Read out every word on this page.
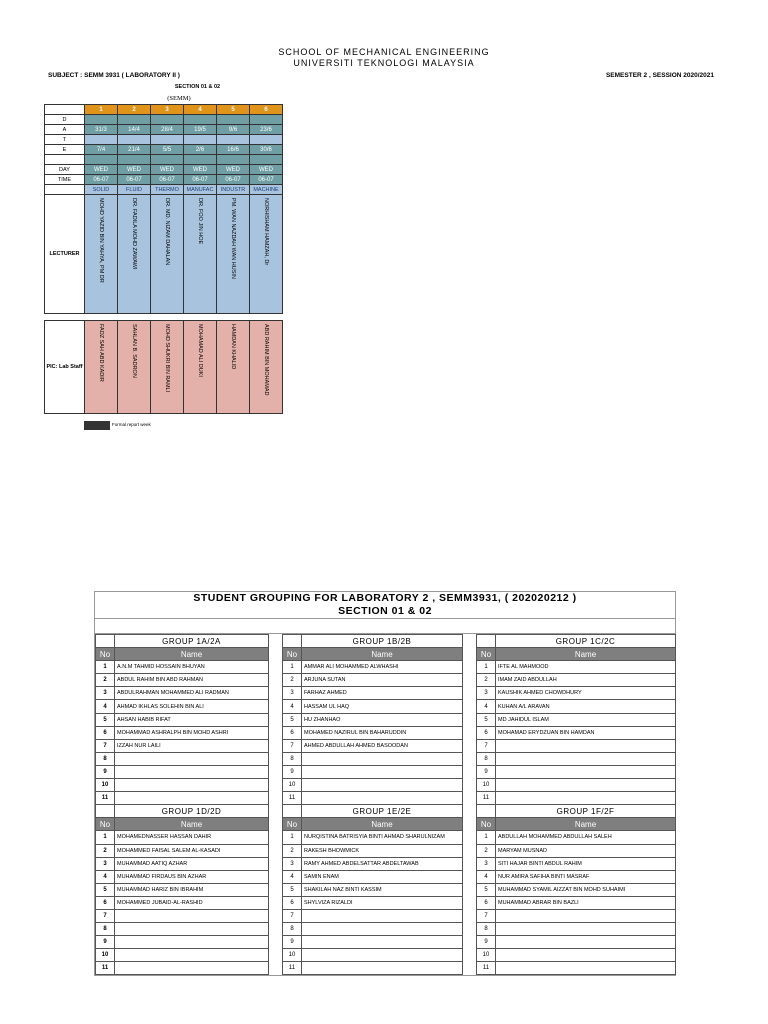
SCHOOL OF MECHANICAL ENGINEERING
UNIVERSITI TEKNOLOGI MALAYSIA
SUBJECT : SEMM 3931 ( LABORATORY II )	SEMESTER 2 , SESSION 2020/2021
SECTION 01 & 02
(SEMM)
SESI	1	2	3	4	5	6
D						
A	31/3	14/4	28/4	19/5	9/6	23/6
T						
E	7/4	21/4	5/5	2/6	16/6	30/6

DAY	WED	WED	WED	WED	WED	WED
TIME	06-07	06-07	06-07	06-07	06-07	06-07
	SOLID	FLUID	THERMO	MANUFAC	INDUSTR	MACHINE
LECTURER	MOHD YAZID BIN YAHYA, PM DR	DR. FADILA MOHD ZAWAWI	DR. MD. NIZAM DAHALAN	DR. FOO JIN HOE	PM. WAN NAZDAH WAN HUSIN	NORHISHAM HAMZAH, Dr

PIC: Lab Staff	FADZ SAH ABD KADIR	SAHLAN B. SADRON	MOHD SHUKRI BIN RAMLI	MOHAMAD ALI DUKI	HAMDAN KHALID	ABD RAHIM BIN MOHAMAD
Formal report week
STUDENT GROUPING FOR LABORATORY 2 , SEMM3931, ( 202020212 )
SECTION 01 & 02
	GROUP 1A/2A			GROUP 1B/2B			GROUP 1C/2C
No	Name		No	Name		No	Name
1	A.N.M TAHMID HOSSAIN BHUYAN		1	AMMAR ALI MOHAMMED ALWHASHI		1	IFTE AL MAHMOOD
2	ABDUL RAHIM BIN ABD RAHMAN		2	ARJUNA SUTAN		2	IMAM ZAID ABDULLAH
3	ABDULRAHMAN MOHAMMED ALI RADMAN		3	FARHAZ AHMED		3	KAUSHIK AHMED CHOWDHURY
4	AHMAD IKHLAS SOLEHIN BIN ALI		4	HASSAM UL HAQ		4	KUHAN A/L ARAVAN
5	AHSAN HABIB RIFAT		5	HU ZHANHAO		5	MD JAHIDUL ISLAM
6	MOHAMMAD ASHRALPH BIN MOHD ASHRI		6	MOHAMED NAZIRUL BIN BAHARUDDIN		6	MOHAMAD ERYDZUAN BIN HAMDAN
7	IZZAH NUR LAILI		7	AHMED ABDULLAH AHMED BASOODAN		7	
8			8			8	
9			9			9	
10			10			10	
11			11			11	
	GROUP 1D/2D			GROUP 1E/2E			GROUP 1F/2F
No	Name		No	Name		No	Name
1	MOHAMEDNASSER HASSAN DAHIR		1	NURQISTINA BATRISYIA BINTI AHMAD SHARULNIZAM		1	ABDULLAH MOHAMMED ABDULLAH SALEH
2	MOHAMMED FAISAL SALEM AL-KASADI		2	RAKESH BHOWMICK		2	MARYAM MUSNAD
3	MUHAMMAD AATIQ AZHAR		3	RAMY AHMED ABDELSATTAR ABDELTAWAB		3	SITI HAJAR BINTI ABDUL RAHIM
4	MUHAMMAD FIRDAUS BIN AZHAR		4	SAMIN ENAM		4	NUR AMIRA SAFIHA BINTI MASRAF
5	MUHAMMAD HARIZ BIN IBRAHIM		5	SHAKILAH NAZ BINTI KASSIM		5	MUHAMMAD SYAMIL AIZZAT BIN MOHD SUHAIMI
6	MOHAMMED JUBAID-AL-RASHID		6	SHYLVIZA RIZALDI		6	MUHAMMAD ABRAR BIN BAZLI
7			7			7	
8			8			8	
9			9			9	
10			10			10	
11			11			11	
